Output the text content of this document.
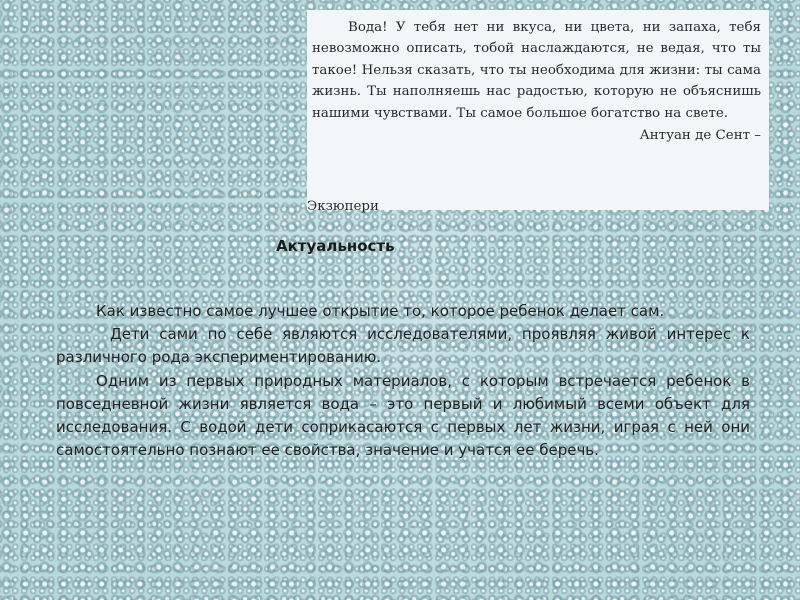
Вода! У тебя нет ни вкуса, ни цвета, ни запаха, тебя невозможно описать, тобой наслаждаются, не ведая, что ты такое! Нельзя сказать, что ты необходима для жизни: ты сама жизнь. Ты наполняешь нас радостью, которую не объяснишь нашими чувствами. Ты самое большое богатство на свете.

Антуан де Сент –

Экзюпери
Актуальность

Как известно самое лучшее открытие то, которое ребенок делает сам.

Дети сами по себе являются исследователями, проявляя живой интерес к различного рода экспериментированию.

Одним из первых природных материалов, с которым встречается ребенок в повседневной жизни является вода – это первый и любимый всеми объект для исследования. С водой дети соприкасаются с первых лет жизни, играя с ней они самостоятельно познают ее свойства, значение и учатся ее беречь.
